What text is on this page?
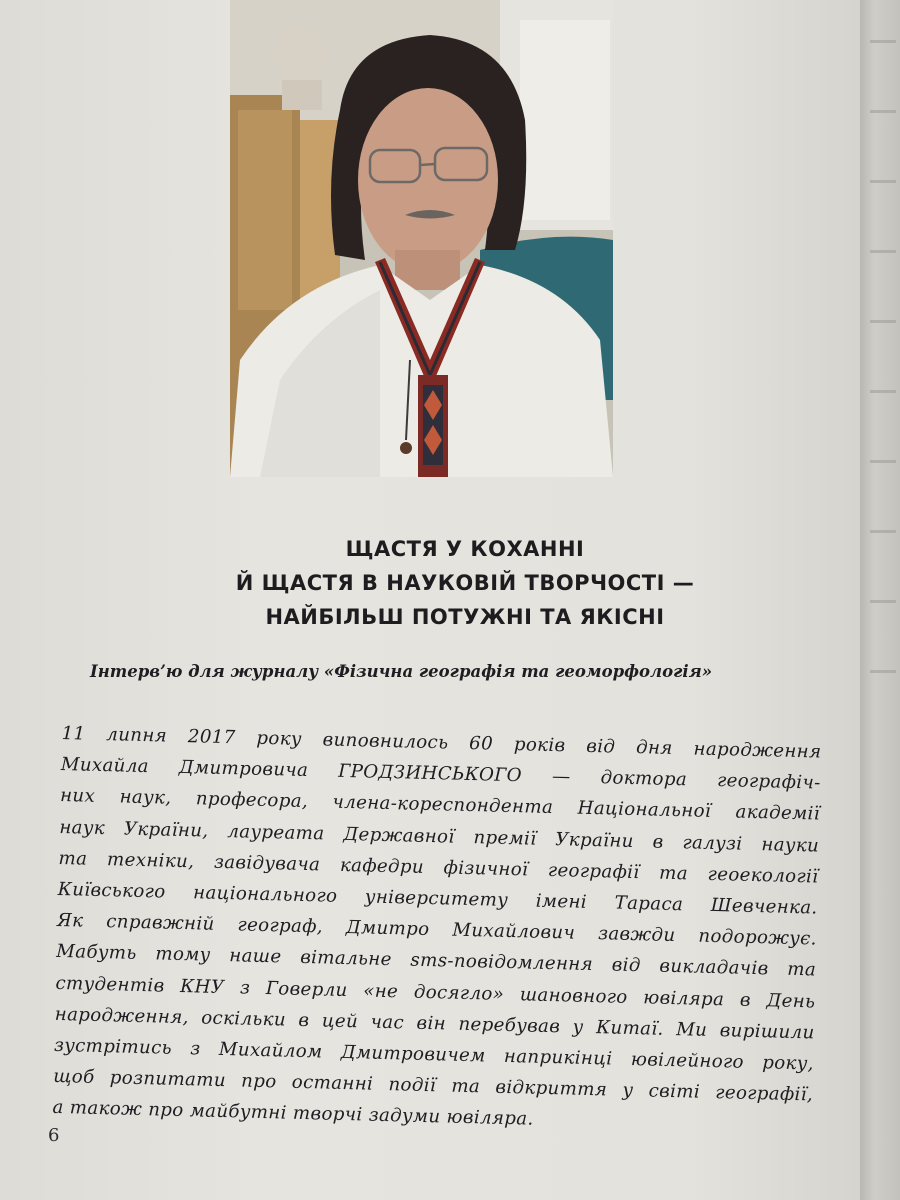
ЩАСТЯ У КОХАННІ
Й ЩАСТЯ В НАУКОВІЙ ТВОРЧОСТІ —
НАЙБІЛЬШ ПОТУЖНІ ТА ЯКІСНІ
Інтерв’ю для журналу «Фізична географія та геоморфологія»
11 липня 2017 року виповнилось 60 років від дня народження
Михайла Дмитровича ГРОДЗИНСЬКОГО — доктора географіч-
них наук, професора, члена-кореспондента Національної академії
наук України, лауреата Державної премії України в галузі науки
та техніки, завідувача кафедри фізичної географії та геоекології
Київського національного університету імені Тараса Шевченка.
Як справжній географ, Дмитро Михайлович завжди подорожує.
Мабуть тому наше вітальне sms-повідомлення від викладачів та
студентів КНУ з Говерли «не досягло» шановного ювіляра в День
народження, оскільки в цей час він перебував у Китаї. Ми вирішили
зустрітись з Михайлом Дмитровичем наприкінці ювілейного року,
щоб розпитати про останні події та відкриття у світі географії,
а також про майбутні творчі задуми ювіляра.
6
